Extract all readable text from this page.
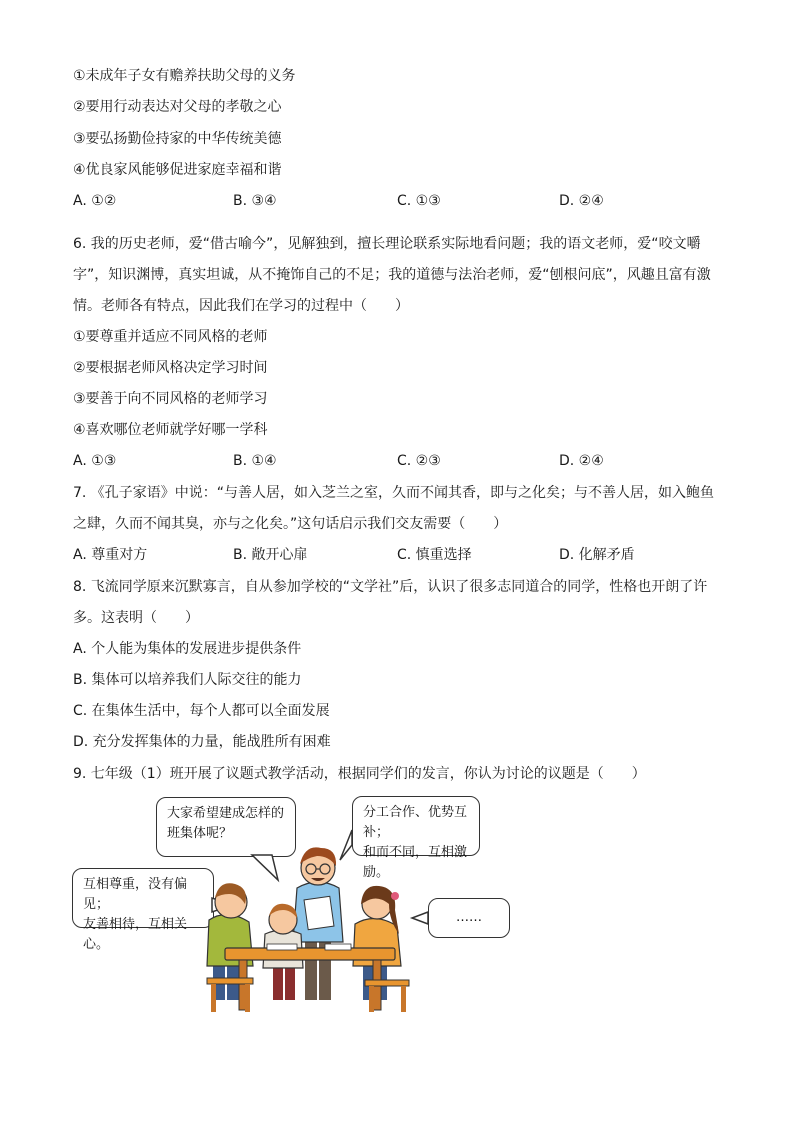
①未成年子女有赡养扶助父母的义务
②要用行动表达对父母的孝敬之心
③要弘扬勤俭持家的中华传统美德
④优良家风能够促进家庭幸福和谐
A. ①②	B. ③④	C. ①③	D. ②④
6. 我的历史老师，爱“借古喻今”，见解独到，擅长理论联系实际地看问题；我的语文老师，爱“咬文嚼
字”，知识渊博，真实坦诚，从不掩饰自己的不足；我的道德与法治老师，爱“刨根问底”，风趣且富有激
情。老师各有特点，因此我们在学习的过程中（　　）
①要尊重并适应不同风格的老师
②要根据老师风格决定学习时间
③要善于向不同风格的老师学习
④喜欢哪位老师就学好哪一学科
A. ①③	B. ①④	C. ②③	D. ②④
7. 《孔子家语》中说：“与善人居，如入芝兰之室，久而不闻其香，即与之化矣；与不善人居，如入鲍鱼
之肆，久而不闻其臭，亦与之化矣。”这句话启示我们交友需要（　　）
A. 尊重对方	B. 敞开心扉	C. 慎重选择	D. 化解矛盾
8. 飞流同学原来沉默寡言，自从参加学校的“文学社”后，认识了很多志同道合的同学，性格也开朗了许
多。这表明（　　）
A. 个人能为集体的发展进步提供条件
B. 集体可以培养我们人际交往的能力
C. 在集体生活中，每个人都可以全面发展
D. 充分发挥集体的力量，能战胜所有困难
9. 七年级（1）班开展了议题式教学活动，根据同学们的发言，你认为讨论的议题是（　　）
大家希望建成怎样的
班集体呢？
分工合作、优势互补；
和而不同，互相激励。
互相尊重，没有偏见；
友善相待，互相关心。
……
